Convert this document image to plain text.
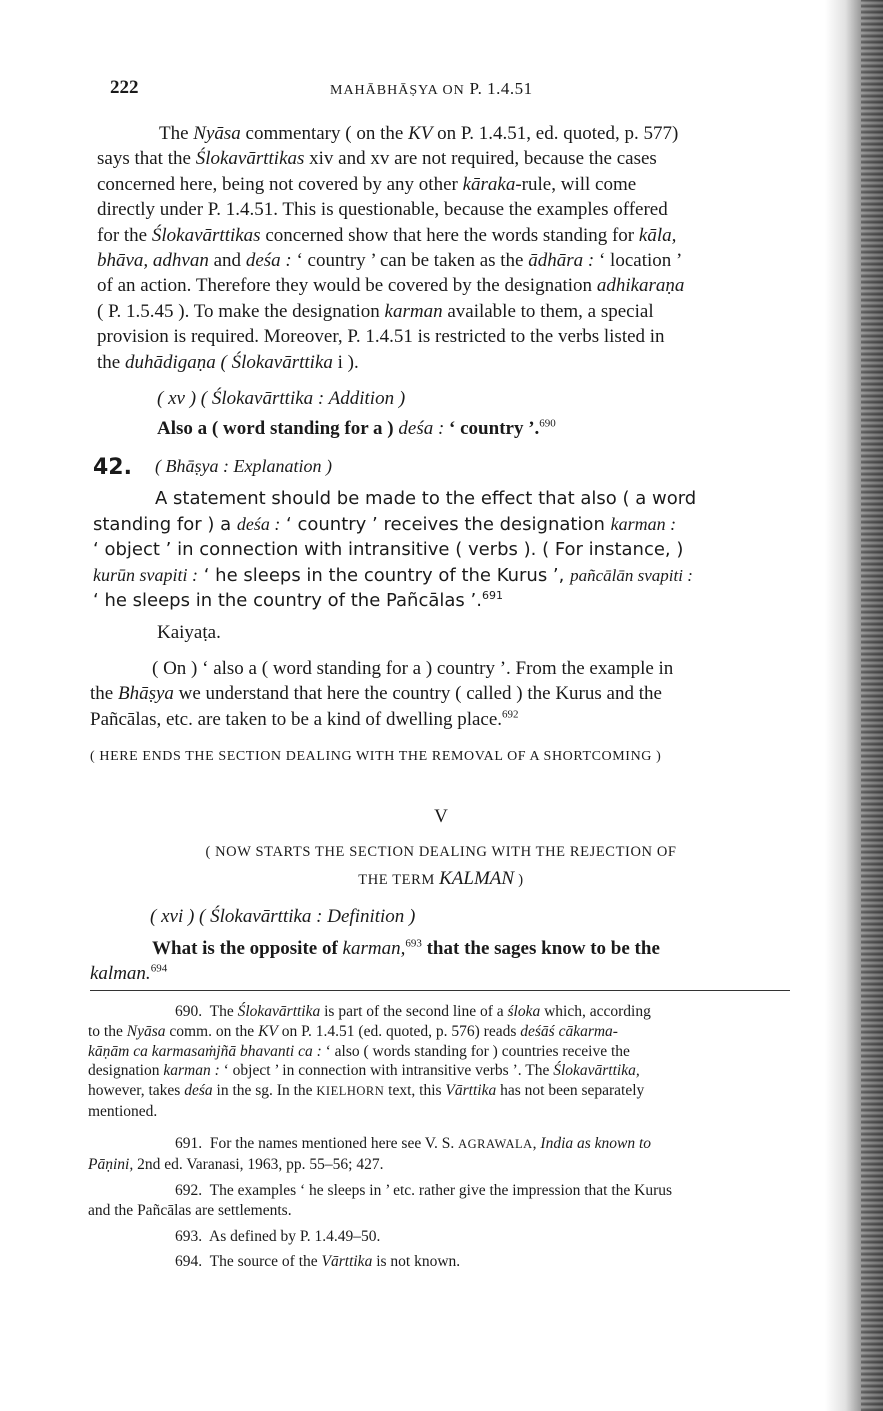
222	MAHĀBHĀṢYA ON P. 1.4.51

The Nyāsa commentary ( on the KV on P. 1.4.51, ed. quoted, p. 577)

says that the Ślokavārttikas xiv and xv are not required, because the cases

concerned here, being not covered by any other kāraka-rule, will come

directly under P. 1.4.51. This is questionable, because the examples offered

for the Ślokavārttikas concerned show that here the words standing for kāla,

bhāva, adhvan and deśa : ‘ country ’ can be taken as the ādhāra : ‘ location ’

of an action. Therefore they would be covered by the designation adhikaraṇa

( P. 1.5.45 ). To make the designation karman available to them, a special

provision is required. Moreover, P. 1.4.51 is restricted to the verbs listed in

the duhādigaṇa ( Ślokavārttika i ).

( xv ) ( Ślokavārttika : Addition )
Also a ( word standing for a ) deśa : ‘ country ’.$^{690}$
42. ( Bhāṣya : Explanation )

A statement should be made to the effect that also ( a word

standing for ) a deśa : ‘ country ’ receives the designation karman :

‘ object ’ in connection with intransitive ( verbs ). ( For instance, )

kurūn svapiti : ‘ he sleeps in the country of the Kurus ’, pañcālān svapiti :

‘ he sleeps in the country of the Pañcālas ’.$^{691}$

Kaiyaṭa.

( On ) ‘ also a ( word standing for a ) country ’. From the example in

the Bhāṣya we understand that here the country ( called ) the Kurus and the

Pañcālas, etc. are taken to be a kind of dwelling place.$^{692}$

( HERE ENDS THE SECTION DEALING WITH THE REMOVAL OF A SHORTCOMING )
V
( NOW STARTS THE SECTION DEALING WITH THE REJECTION OF
THE TERM KALMAN )
( xvi ) ( Ślokavārttika : Definition )

What is the opposite of karman,$^{693}$ that the sages know to be the

kalman.$^{694}$

690. The Ślokavārttika is part of the second line of a śloka which, according

to the Nyāsa comm. on the KV on P. 1.4.51 (ed. quoted, p. 576) reads deśāś cākarma-

kāṇām ca karmasaṁjñā bhavanti ca : ‘ also ( words standing for ) countries receive the

designation karman : ‘ object ’ in connection with intransitive verbs ’. The Ślokavārttika,

however, takes deśa in the sg. In the KIELHORN text, this Vārttika has not been separately

mentioned.

691. For the names mentioned here see V. S. AGRAWALA, India as known to

Pāṇini, 2nd ed. Varanasi, 1963, pp. 55–56; 427.

692. The examples ‘ he sleeps in ’ etc. rather give the impression that the Kurus

and the Pañcālas are settlements.

693. As defined by P. 1.4.49–50.

694. The source of the Vārttika is not known.
